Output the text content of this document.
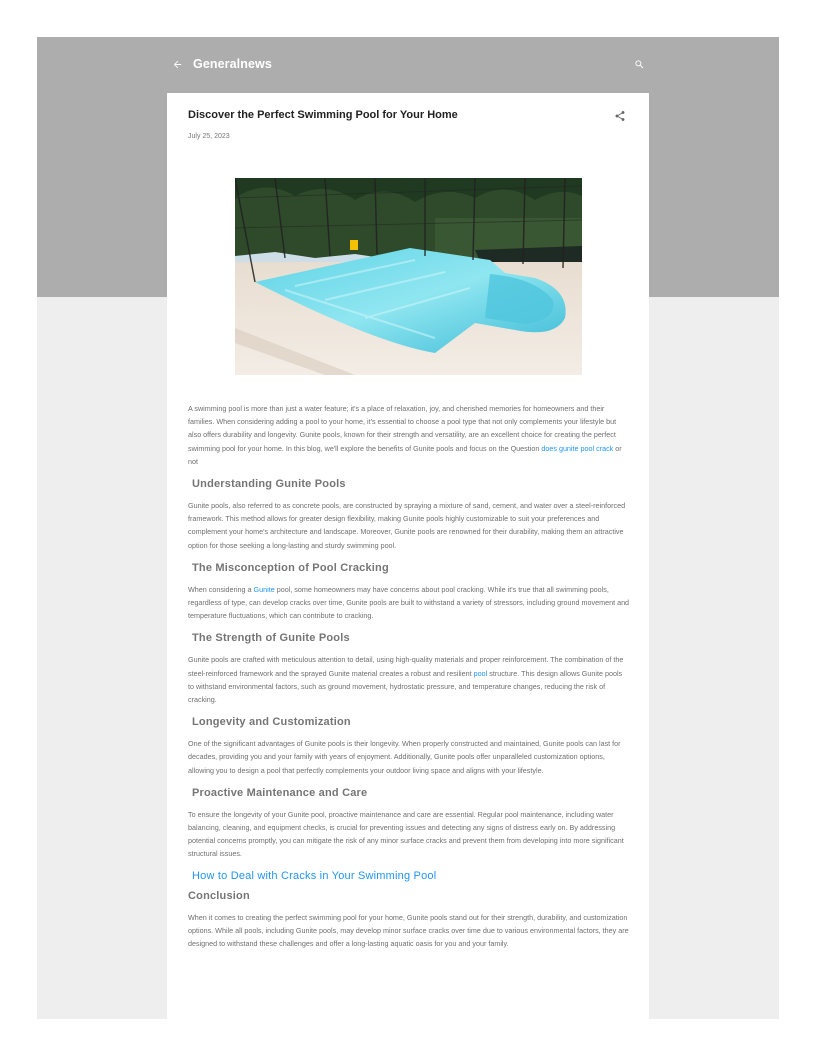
Generalnews
Discover the Perfect Swimming Pool for Your Home
July 25, 2023

A swimming pool is more than just a water feature; it's a place of relaxation, joy, and cherished memories for homeowners and their families. When considering adding a pool to your home, it's essential to choose a pool type that not only complements your lifestyle but also offers durability and longevity. Gunite pools, known for their strength and versatility, are an excellent choice for creating the perfect swimming pool for your home. In this blog, we'll explore the benefits of Gunite pools and focus on the Question does gunite pool crack or not

Understanding Gunite Pools

Gunite pools, also referred to as concrete pools, are constructed by spraying a mixture of sand, cement, and water over a steel-reinforced framework. This method allows for greater design flexibility, making Gunite pools highly customizable to suit your preferences and complement your home's architecture and landscape. Moreover, Gunite pools are renowned for their durability, making them an attractive option for those seeking a long-lasting and sturdy swimming pool.

The Misconception of Pool Cracking

When considering a Gunite pool, some homeowners may have concerns about pool cracking. While it's true that all swimming pools, regardless of type, can develop cracks over time, Gunite pools are built to withstand a variety of stressors, including ground movement and temperature fluctuations, which can contribute to cracking.

The Strength of Gunite Pools

Gunite pools are crafted with meticulous attention to detail, using high-quality materials and proper reinforcement. The combination of the steel-reinforced framework and the sprayed Gunite material creates a robust and resilient pool structure. This design allows Gunite pools to withstand environmental factors, such as ground movement, hydrostatic pressure, and temperature changes, reducing the risk of cracking.

Longevity and Customization

One of the significant advantages of Gunite pools is their longevity. When properly constructed and maintained, Gunite pools can last for decades, providing you and your family with years of enjoyment. Additionally, Gunite pools offer unparalleled customization options, allowing you to design a pool that perfectly complements your outdoor living space and aligns with your lifestyle.

Proactive Maintenance and Care

To ensure the longevity of your Gunite pool, proactive maintenance and care are essential. Regular pool maintenance, including water balancing, cleaning, and equipment checks, is crucial for preventing issues and detecting any signs of distress early on. By addressing potential concerns promptly, you can mitigate the risk of any minor surface cracks and prevent them from developing into more significant structural issues.

How to Deal with Cracks in Your Swimming Pool
Conclusion

When it comes to creating the perfect swimming pool for your home, Gunite pools stand out for their strength, durability, and customization options. While all pools, including Gunite pools, may develop minor surface cracks over time due to various environmental factors, they are designed to withstand these challenges and offer a long-lasting aquatic oasis for you and your family.
